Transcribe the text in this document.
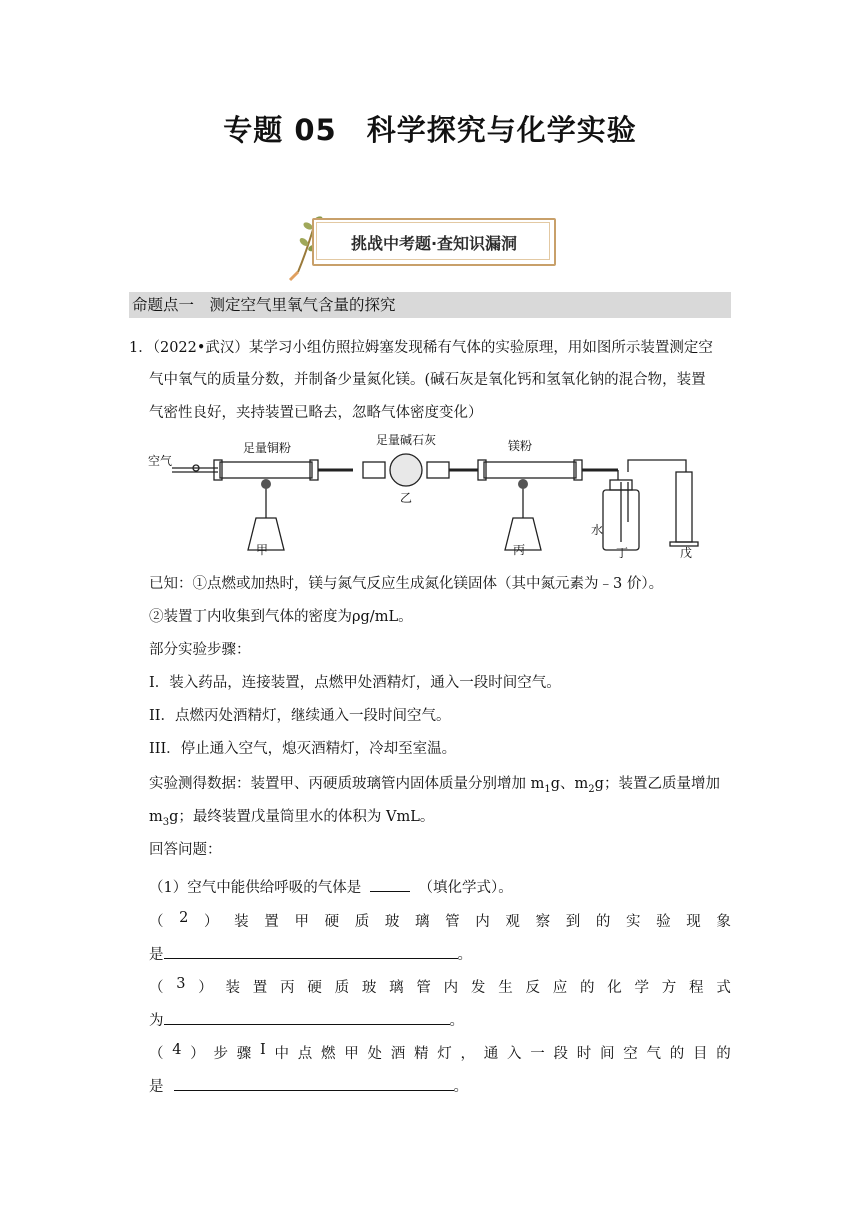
专题 05　科学探究与化学实验
挑战中考题·查知识漏洞
命题点一　测定空气里氧气含量的探究
1．（2022•武汉）某学习小组仿照拉姆塞发现稀有气体的实验原理，用如图所示装置测定空
气中氧气的质量分数，并制备少量氮化镁。(碱石灰是氧化钙和氢氧化钠的混合物，装置
气密性良好，夹持装置已略去，忽略气体密度变化）
空气
足量铜粉
足量碱石灰	镁粉
甲
乙
丙
水
丁	戊
已知：①点燃或加热时，镁与氮气反应生成氮化镁固体（其中氮元素为﹣3 价）。
②装置丁内收集到气体的密度为ρg/mL。
部分实验步骤：
I．装入药品，连接装置，点燃甲处酒精灯，通入一段时间空气。
II．点燃丙处酒精灯，继续通入一段时间空气。
III．停止通入空气，熄灭酒精灯，冷却至室温。
实验测得数据：装置甲、丙硬质玻璃管内固体质量分别增加 $m_1g$、$m_2g$；装置乙质量增加
$m_3g$；最终装置戊量筒里水的体积为 VmL。
回答问题：
（1）空气中能供给呼吸的气体是	（填化学式）。
（ 2 ） 装 置 甲 硬 质 玻 璃 管 内 观 察 到 的 实 验 现 象
是	。
（ 3 ） 装 置 丙 硬 质 玻 璃 管 内 发 生 反 应 的 化 学 方 程 式
为	。
（ 4 ） 步 骤 I 中 点 燃 甲 处 酒 精 灯 ， 通 入 一 段 时 间 空 气 的 目 的
是	。
